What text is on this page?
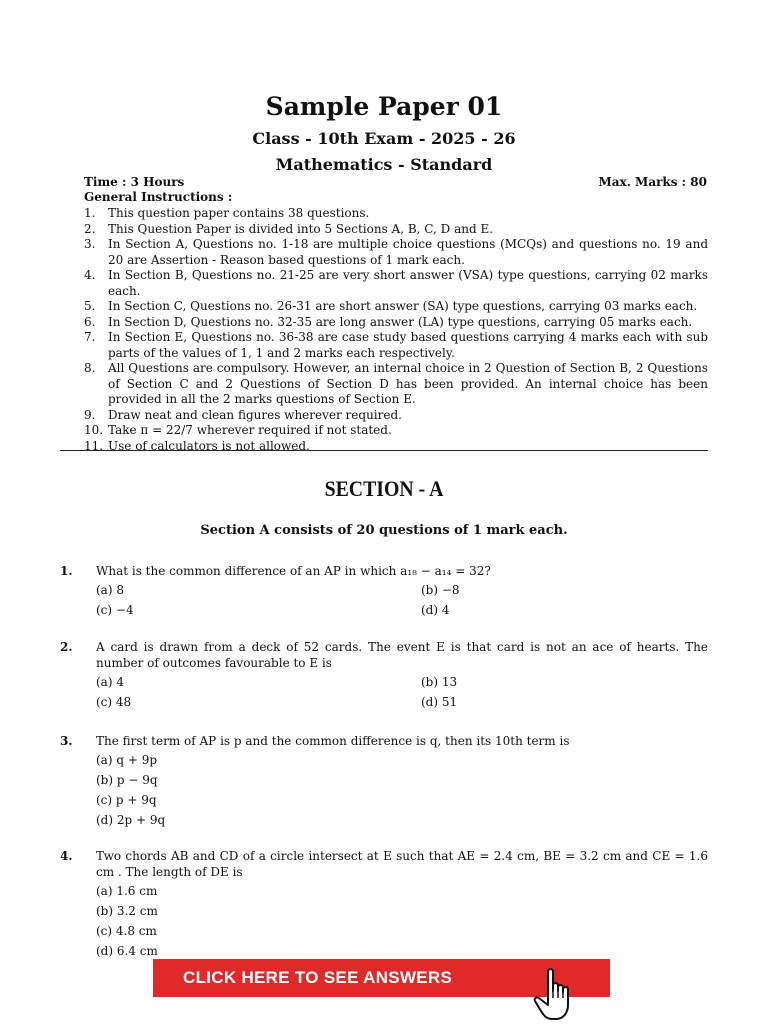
Sample Paper 01
Class - 10th Exam - 2025 - 26
Mathematics - Standard
Time : 3 Hours	Max. Marks : 80
General Instructions :
1.	This question paper contains 38 questions.
2.	This Question Paper is divided into 5 Sections A, B, C, D and E.
3.	In Section A, Questions no. 1-18 are multiple choice questions (MCQs) and questions no. 19 and 20 are Assertion - Reason based questions of 1 mark each.
4.	In Section B, Questions no. 21-25 are very short answer (VSA) type questions, carrying 02 marks each.
5.	In Section C, Questions no. 26-31 are short answer (SA) type questions, carrying 03 marks each.
6.	In Section D, Questions no. 32-35 are long answer (LA) type questions, carrying 05 marks each.
7.	In Section E, Questions no. 36-38 are case study based questions carrying 4 marks each with sub parts of the values of 1, 1 and 2 marks each respectively.
8.	All Questions are compulsory. However, an internal choice in 2 Question of Section B, 2 Questions of Section C and 2 Questions of Section D has been provided. An internal choice has been provided in all the 2 marks questions of Section E.
9.	Draw neat and clean figures wherever required.
10. Take π = 22/7 wherever required if not stated.
11. Use of calculators is not allowed.
SECTION - A
Section A consists of 20 questions of 1 mark each.
1. What is the common difference of an AP in which a₁₈ − a₁₄ = 32?
(a) 8	(b) −8
(c) −4	(d) 4
2. A card is drawn from a deck of 52 cards. The event E is that card is not an ace of hearts. The number of outcomes favourable to E is
(a) 4	(b) 13
(c) 48	(d) 51
3. The first term of AP is p and the common difference is q, then its 10th term is
(a) q + 9p
(b) p − 9q
(c) p + 9q
(d) 2p + 9q
4. Two chords AB and CD of a circle intersect at E such that AE = 2.4 cm, BE = 3.2 cm and CE = 1.6 cm . The length of DE is
(a) 1.6 cm
(b) 3.2 cm
(c) 4.8 cm
(d) 6.4 cm
CLICK HERE TO SEE ANSWERS
